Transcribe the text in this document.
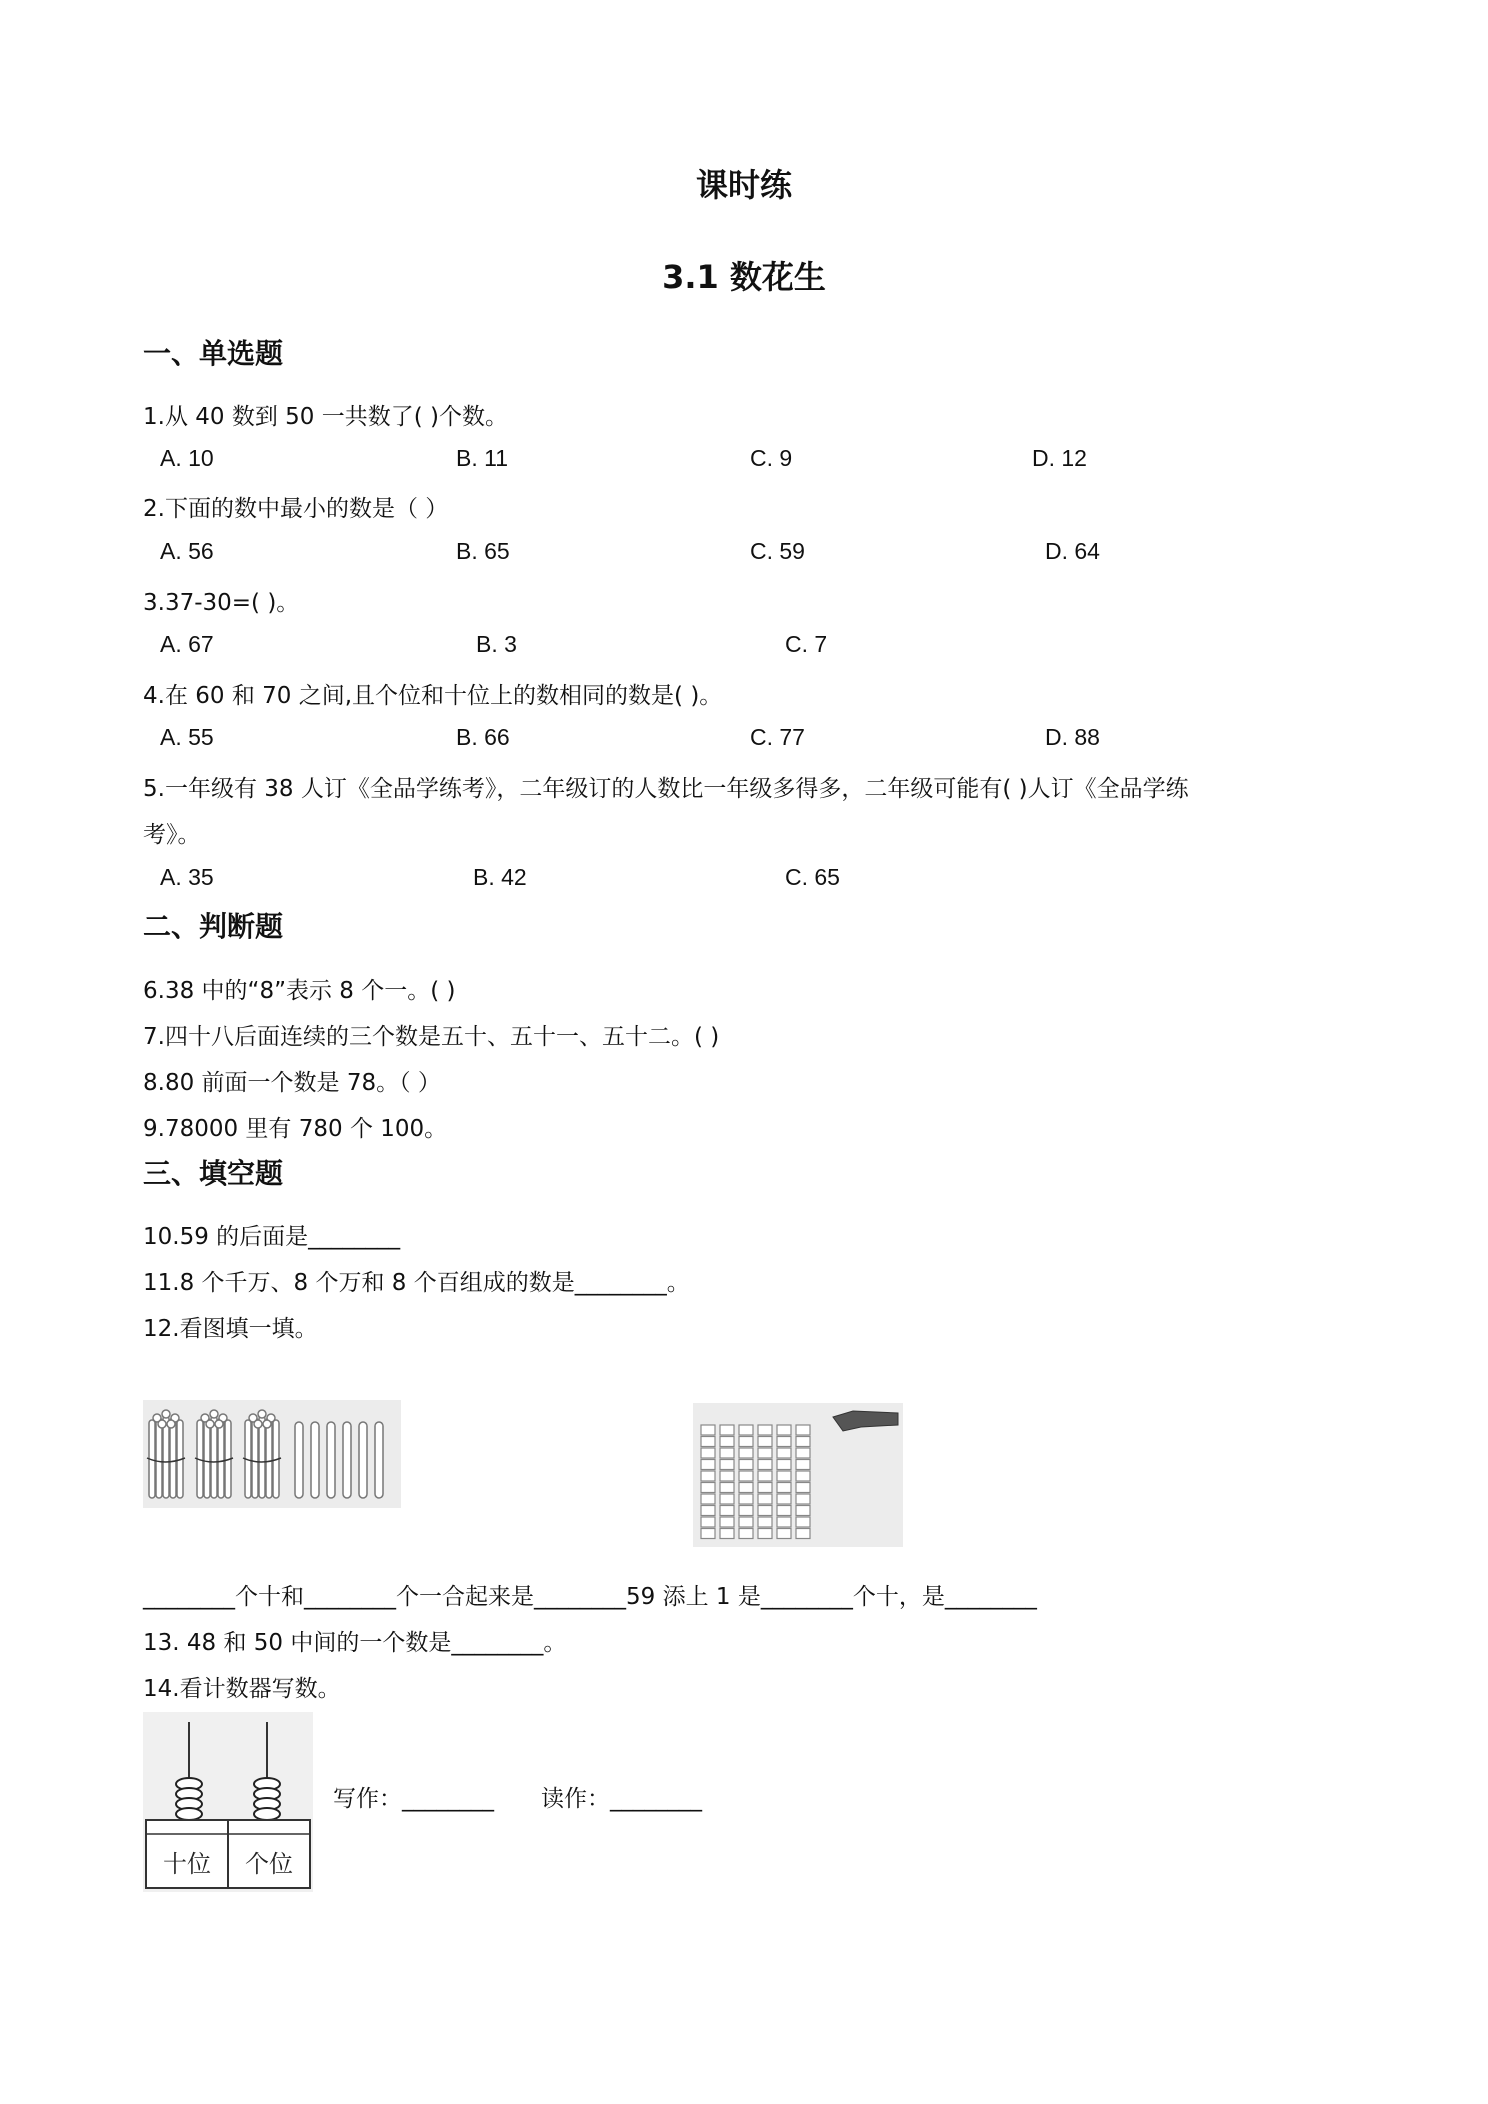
课时练
3.1 数花生
一、单选题
1.从 40 数到 50 一共数了( )个数。
A. 10	B. 11	C. 9	D. 12
2.下面的数中最小的数是（ ）
A. 56	B. 65	C. 59	D. 64
3.37-30=( )。
A. 67	B. 3	C. 7
4.在 60 和 70 之间,且个位和十位上的数相同的数是( )。
A. 55	B. 66	C. 77	D. 88
5.一年级有 38 人订《全品学练考》，二年级订的人数比一年级多得多，二年级可能有( )人订《全品学练
考》。
A. 35	B. 42	C. 65
二、判断题
6.38 中的“8”表示 8 个一。( )
7.四十八后面连续的三个数是五十、五十一、五十二。( )
8.80 前面一个数是 78。（ ）
9.78000 里有 780 个 100。
三、填空题
10.59 的后面是________
11.8 个千万、8 个万和 8 个百组成的数是________。
12.看图填一填。
________个十和________个一合起来是________59 添上 1 是________个十，是________
13. 48 和 50 中间的一个数是________。
14.看计数器写数。
十位 个位
写作：________ 读作：________
